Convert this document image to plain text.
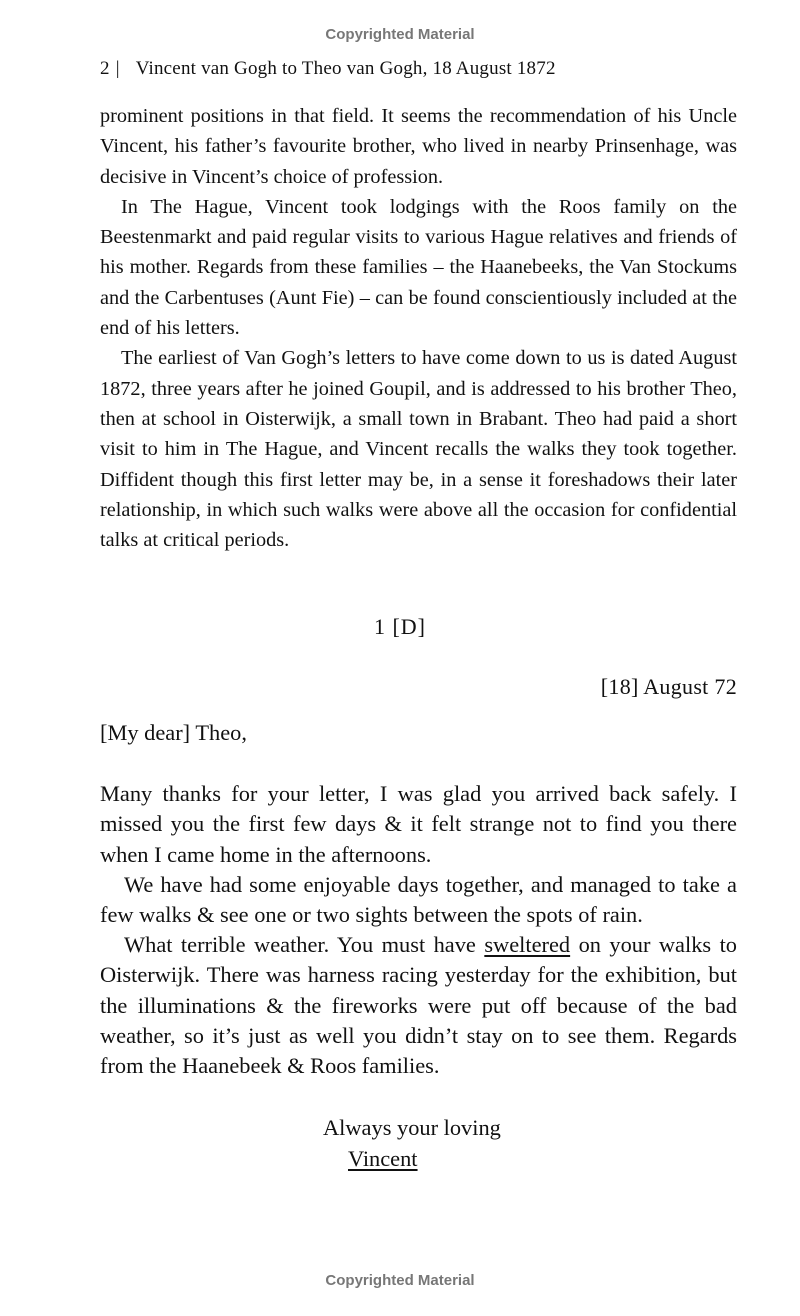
Copyrighted Material
2 | Vincent van Gogh to Theo van Gogh, 18 August 1872

prominent positions in that field. It seems the recommendation of his Uncle Vincent, his father’s favourite brother, who lived in nearby Prinsenhage, was decisive in Vincent’s choice of profession.

In The Hague, Vincent took lodgings with the Roos family on the Beestenmarkt and paid regular visits to various Hague relatives and friends of his mother. Regards from these families – the Haanebeeks, the Van Stockums and the Carbentuses (Aunt Fie) – can be found conscientiously included at the end of his letters.

The earliest of Van Gogh’s letters to have come down to us is dated August 1872, three years after he joined Goupil, and is addressed to his brother Theo, then at school in Oisterwijk, a small town in Brabant. Theo had paid a short visit to him in The Hague, and Vincent recalls the walks they took together. Diffident though this first letter may be, in a sense it foreshadows their later relationship, in which such walks were above all the occasion for confidential talks at critical periods.

1 [D]
[18] August 72

[My dear] Theo,

Many thanks for your letter, I was glad you arrived back safely. I missed you the first few days & it felt strange not to find you there when I came home in the afternoons.

We have had some enjoyable days together, and managed to take a few walks & see one or two sights between the spots of rain.

What terrible weather. You must have sweltered on your walks to Oisterwijk. There was harness racing yesterday for the exhibition, but the illuminations & the fireworks were put off because of the bad weather, so it’s just as well you didn’t stay on to see them. Regards from the Haanebeek & Roos families.

Always your loving
Vincent
Copyrighted Material
